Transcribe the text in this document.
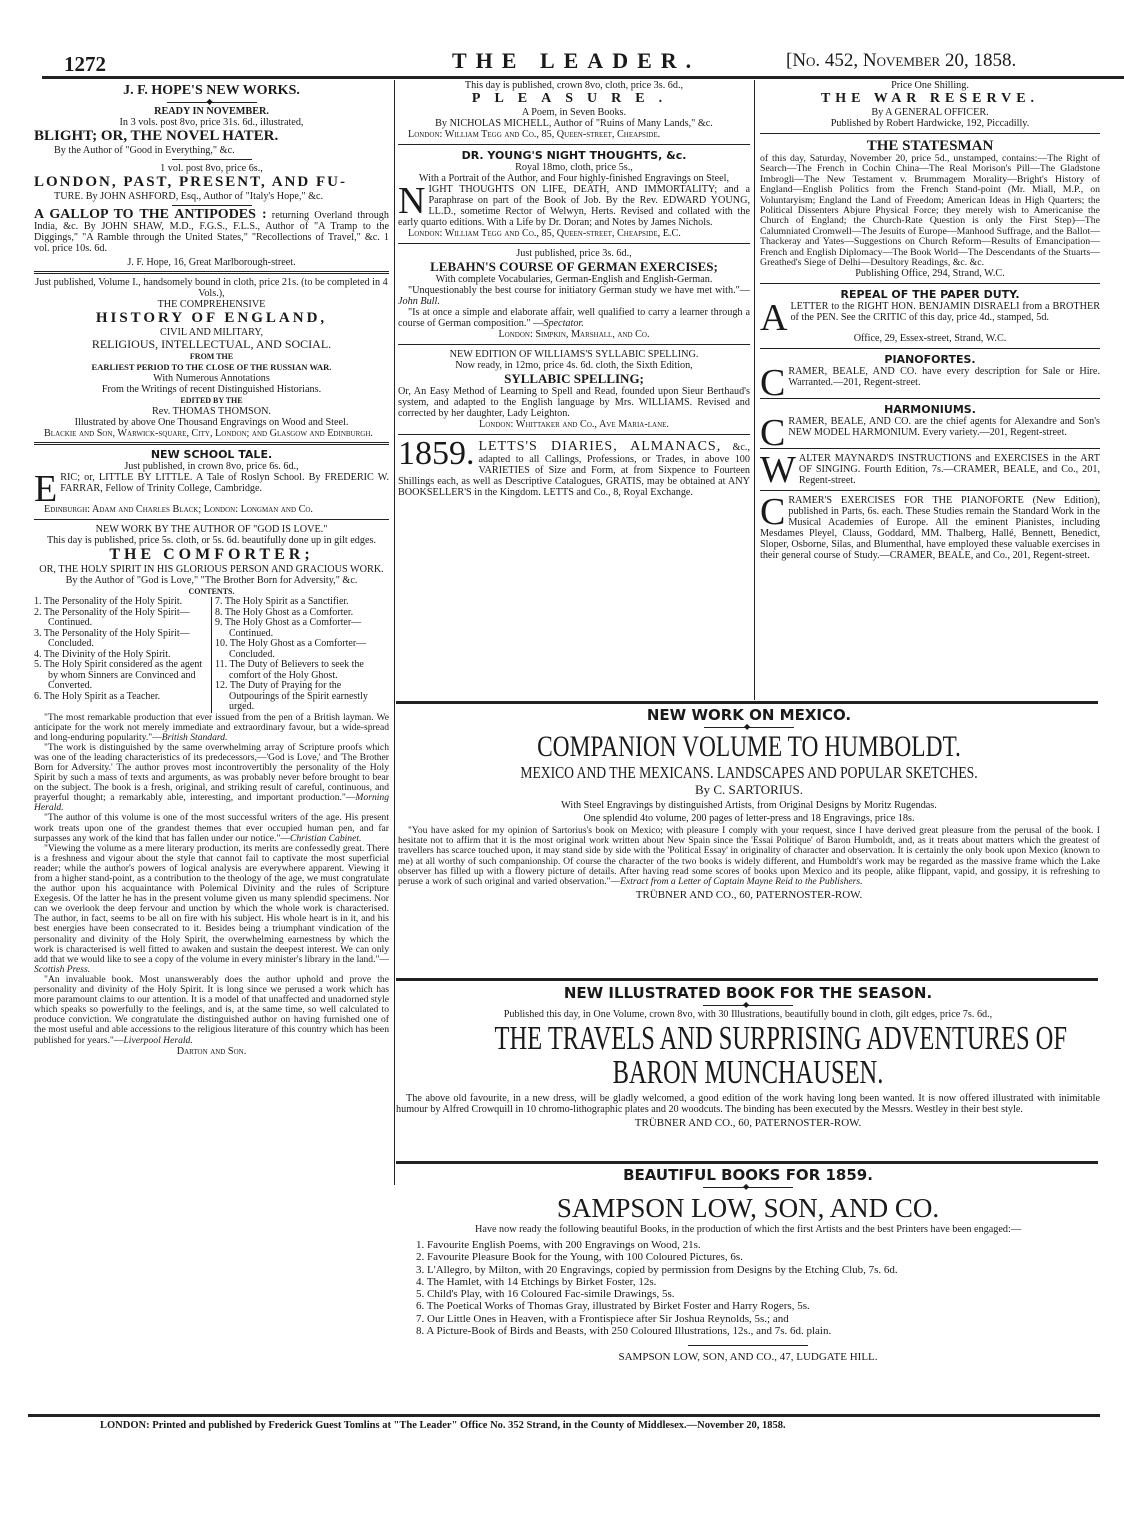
1272	THE LEADER.	[No. 452, November 20, 1858.

J. F. HOPE'S NEW WORKS.

◆

READY IN NOVEMBER.

In 3 vols. post 8vo, price 31s. 6d., illustrated,

BLIGHT; OR, THE NOVEL HATER.

By the Author of "Good in Everything," &c.

1 vol. post 8vo, price 6s.,

LONDON, PAST, PRESENT, AND FU-

TURE. By JOHN ASHFORD, Esq., Author of "Italy's Hope," &c.

A GALLOP TO THE ANTIPODES : returning Overland through India, &c. By JOHN SHAW, M.D., F.G.S., F.L.S., Author of "A Tramp to the Diggings," "A Ramble through the United States," "Recollections of Travel," &c. 1 vol. price 10s. 6d.

J. F. Hope, 16, Great Marlborough-street.

Just published, Volume I., handsomely bound in cloth, price 21s. (to be completed in 4 Vols.),

THE COMPREHENSIVE

HISTORY OF ENGLAND,

CIVIL AND MILITARY,

RELIGIOUS, INTELLECTUAL, AND SOCIAL.

FROM THE

EARLIEST PERIOD TO THE CLOSE OF THE RUSSIAN WAR.

With Numerous Annotations

From the Writings of recent Distinguished Historians.

EDITED BY THE

Rev. THOMAS THOMSON.

Illustrated by above One Thousand Engravings on Wood and Steel.

Blackie and Son, Warwick-square, City, London; and Glasgow and Edinburgh.

NEW SCHOOL TALE.

Just published, in crown 8vo, price 6s. 6d.,

ERIC; or, LITTLE BY LITTLE. A Tale of Roslyn School. By FREDERIC W. FARRAR, Fellow of Trinity College, Cambridge.

Edinburgh: Adam and Charles Black; London: Longman and Co.

NEW WORK BY THE AUTHOR OF "GOD IS LOVE."

This day is published, price 5s. cloth, or 5s. 6d. beautifully done up in gilt edges.

THE COMFORTER;

OR, THE HOLY SPIRIT IN HIS GLORIOUS PERSON AND GRACIOUS WORK.

By the Author of "God is Love," "The Brother Born for Adversity," &c.

CONTENTS.

1. The Personality of the Holy Spirit.

2. The Personality of the Holy Spirit—Continued.

3. The Personality of the Holy Spirit—Concluded.

4. The Divinity of the Holy Spirit.

5. The Holy Spirit considered as the agent by whom Sinners are Convinced and Converted.

6. The Holy Spirit as a Teacher.

7. The Holy Spirit as a Sanctifier.

8. The Holy Ghost as a Comforter.

9. The Holy Ghost as a Comforter—Continued.

10. The Holy Ghost as a Comforter—Concluded.

11. The Duty of Believers to seek the comfort of the Holy Ghost.

12. The Duty of Praying for the Outpourings of the Spirit earnestly urged.

"The most remarkable production that ever issued from the pen of a British layman. We anticipate for the work not merely immediate and extraordinary favour, but a wide-spread and long-enduring popularity."—British Standard.

"The work is distinguished by the same overwhelming array of Scripture proofs which was one of the leading characteristics of its predecessors,—'God is Love,' and 'The Brother Born for Adversity.' The author proves most incontrovertibly the personality of the Holy Spirit by such a mass of texts and arguments, as was probably never before brought to bear on the subject. The book is a fresh, original, and striking result of careful, continuous, and prayerful thought; a remarkably able, interesting, and important production."—Morning Herald.

"The author of this volume is one of the most successful writers of the age. His present work treats upon one of the grandest themes that ever occupied human pen, and far surpasses any work of the kind that has fallen under our notice."—Christian Cabinet.

"Viewing the volume as a mere literary production, its merits are confessedly great. There is a freshness and vigour about the style that cannot fail to captivate the most superficial reader; while the author's powers of logical analysis are everywhere apparent. Viewing it from a higher stand-point, as a contribution to the theology of the age, we must congratulate the author upon his acquaintance with Polemical Divinity and the rules of Scripture Exegesis. Of the latter he has in the present volume given us many splendid specimens. Nor can we overlook the deep fervour and unction by which the whole work is characterised. The author, in fact, seems to be all on fire with his subject. His whole heart is in it, and his best energies have been consecrated to it. Besides being a triumphant vindication of the personality and divinity of the Holy Spirit, the overwhelming earnestness by which the work is characterised is well fitted to awaken and sustain the deepest interest. We can only add that we would like to see a copy of the volume in every minister's library in the land."—Scottish Press.

"An invaluable book. Most unanswerably does the author uphold and prove the personality and divinity of the Holy Spirit. It is long since we perused a work which has more paramount claims to our attention. It is a model of that unaffected and unadorned style which speaks so powerfully to the feelings, and is, at the same time, so well calculated to produce conviction. We congratulate the distinguished author on having furnished one of the most useful and able accessions to the religious literature of this country which has been published for years."—Liverpool Herald.

Darton and Son.

This day is published, crown 8vo, cloth, price 3s. 6d.,

PLEASURE.

A Poem, in Seven Books.

By NICHOLAS MICHELL, Author of "Ruins of Many Lands," &c.

London: William Tegg and Co., 85, Queen-street, Cheapside.

DR. YOUNG'S NIGHT THOUGHTS, &c.

Royal 18mo, cloth, price 5s.,

With a Portrait of the Author, and Four highly-finished Engravings on Steel,

NIGHT THOUGHTS ON LIFE, DEATH, AND IMMORTALITY; and a Paraphrase on part of the Book of Job. By the Rev. EDWARD YOUNG, LL.D., sometime Rector of Welwyn, Herts. Revised and collated with the early quarto editions. With a Life by Dr. Doran; and Notes by James Nichols.

London: William Tegg and Co., 85, Queen-street, Cheapside, E.C.

Just published, price 3s. 6d.,

LEBAHN'S COURSE OF GERMAN EXERCISES;

With complete Vocabularies, German-English and English-German.

"Unquestionably the best course for initiatory German study we have met with."—John Bull.

"Is at once a simple and elaborate affair, well qualified to carry a learner through a course of German composition." —Spectator.

London: Simpkin, Marshall, and Co.

NEW EDITION OF WILLIAMS'S SYLLABIC SPELLING.

Now ready, in 12mo, price 4s. 6d. cloth, the Sixth Edition,

SYLLABIC SPELLING;

Or, An Easy Method of Learning to Spell and Read, founded upon Sieur Berthaud's system, and adapted to the English language by Mrs. WILLIAMS. Revised and corrected by her daughter, Lady Leighton.

London: Whittaker and Co., Ave Maria-lane.

1859. LETTS'S DIARIES, ALMANACS, &c., adapted to all Callings, Professions, or Trades, in above 100 VARIETIES of Size and Form, at from Sixpence to Fourteen Shillings each, as well as Descriptive Catalogues, GRATIS, may be obtained at ANY BOOKSELLER'S in the Kingdom. LETTS and Co., 8, Royal Exchange.

Price One Shilling.

THE WAR RESERVE.

By A GENERAL OFFICER.

Published by Robert Hardwicke, 192, Piccadilly.

THE STATESMAN

of this day, Saturday, November 20, price 5d., unstamped, contains:—The Right of Search—The French in Cochin China—The Real Morison's Pill—The Gladstone Imbrogli—The New Testament v. Brummagem Morality—Bright's History of England—English Politics from the French Stand-point (Mr. Miall, M.P., on Voluntaryism; England the Land of Freedom; American Ideas in High Quarters; the Political Dissenters Abjure Physical Force; they merely wish to Americanise the Church of England; the Church-Rate Question is only the First Step)—The Calumniated Cromwell—The Jesuits of Europe—Manhood Suffrage, and the Ballot—Thackeray and Yates—Suggestions on Church Reform—Results of Emancipation—French and English Diplomacy—The Book World—The Descendants of the Stuarts—Greathed's Siege of Delhi—Desultory Readings, &c. &c.

Publishing Office, 294, Strand, W.C.

REPEAL OF THE PAPER DUTY.

ALETTER to the RIGHT HON. BENJAMIN DISRAELI from a BROTHER of the PEN. See the CRITIC of this day, price 4d., stamped, 5d.

Office, 29, Essex-street, Strand, W.C.

PIANOFORTES.

CRAMER, BEALE, AND CO. have every description for Sale or Hire. Warranted.—201, Regent-street.

HARMONIUMS.

CRAMER, BEALE, AND CO. are the chief agents for Alexandre and Son's NEW MODEL HARMONIUM. Every variety.—201, Regent-street.

WALTER MAYNARD'S INSTRUCTIONS and EXERCISES in the ART OF SINGING. Fourth Edition, 7s.—CRAMER, BEALE, and Co., 201, Regent-street.

CRAMER'S EXERCISES FOR THE PIANOFORTE (New Edition), published in Parts, 6s. each. These Studies remain the Standard Work in the Musical Academies of Europe. All the eminent Pianistes, including Mesdames Pleyel, Clauss, Goddard, MM. Thalberg, Hallé, Bennett, Benedict, Sloper, Osborne, Silas, and Blumenthal, have employed these valuable exercises in their general course of Study.—CRAMER, BEALE, and Co., 201, Regent-street.

NEW WORK ON MEXICO.

◆

COMPANION VOLUME TO HUMBOLDT.

MEXICO AND THE MEXICANS. LANDSCAPES AND POPULAR SKETCHES.

By C. SARTORIUS.

With Steel Engravings by distinguished Artists, from Original Designs by Moritz Rugendas.

One splendid 4to volume, 200 pages of letter-press and 18 Engravings, price 18s.

"You have asked for my opinion of Sartorius's book on Mexico; with pleasure I comply with your request, since I have derived great pleasure from the perusal of the book. I hesitate not to affirm that it is the most original work written about New Spain since the 'Essai Politique' of Baron Humboldt, and, as it treats about matters which the greatest of travellers has scarce touched upon, it may stand side by side with the 'Political Essay' in originality of character and observation. It is certainly the only book upon Mexico (known to me) at all worthy of such companionship. Of course the character of the two books is widely different, and Humboldt's work may be regarded as the massive frame which the Lake observer has filled up with a flowery picture of details. After having read some scores of books upon Mexico and its people, alike flippant, vapid, and gossipy, it is refreshing to peruse a work of such original and varied observation."—Extract from a Letter of Captain Mayne Reid to the Publishers.

TRÜBNER AND CO., 60, PATERNOSTER-ROW.

NEW ILLUSTRATED BOOK FOR THE SEASON.

◆

Published this day, in One Volume, crown 8vo, with 30 Illustrations, beautifully bound in cloth, gilt edges, price 7s. 6d.,

THE TRAVELS AND SURPRISING ADVENTURES OF

BARON MUNCHAUSEN.

The above old favourite, in a new dress, will be gladly welcomed, a good edition of the work having long been wanted. It is now offered illustrated with inimitable humour by Alfred Crowquill in 10 chromo-lithographic plates and 20 woodcuts. The binding has been executed by the Messrs. Westley in their best style.

TRÜBNER AND CO., 60, PATERNOSTER-ROW.

BEAUTIFUL BOOKS FOR 1859.

◆

SAMPSON LOW, SON, AND CO.

Have now ready the following beautiful Books, in the production of which the first Artists and the best Printers have been engaged:—

1. Favourite English Poems, with 200 Engravings on Wood, 21s.
2. Favourite Pleasure Book for the Young, with 100 Coloured Pictures, 6s.
3. L'Allegro, by Milton, with 20 Engravings, copied by permission from Designs by the Etching Club, 7s. 6d.
4. The Hamlet, with 14 Etchings by Birket Foster, 12s.
5. Child's Play, with 16 Coloured Fac-simile Drawings, 5s.
6. The Poetical Works of Thomas Gray, illustrated by Birket Foster and Harry Rogers, 5s.
7. Our Little Ones in Heaven, with a Frontispiece after Sir Joshua Reynolds, 5s.; and
8. A Picture-Book of Birds and Beasts, with 250 Coloured Illustrations, 12s., and 7s. 6d. plain.

SAMPSON LOW, SON, AND CO., 47, LUDGATE HILL.

LONDON: Printed and published by Frederick Guest Tomlins at "The Leader" Office No. 352 Strand, in the County of Middlesex.—November 20, 1858.
